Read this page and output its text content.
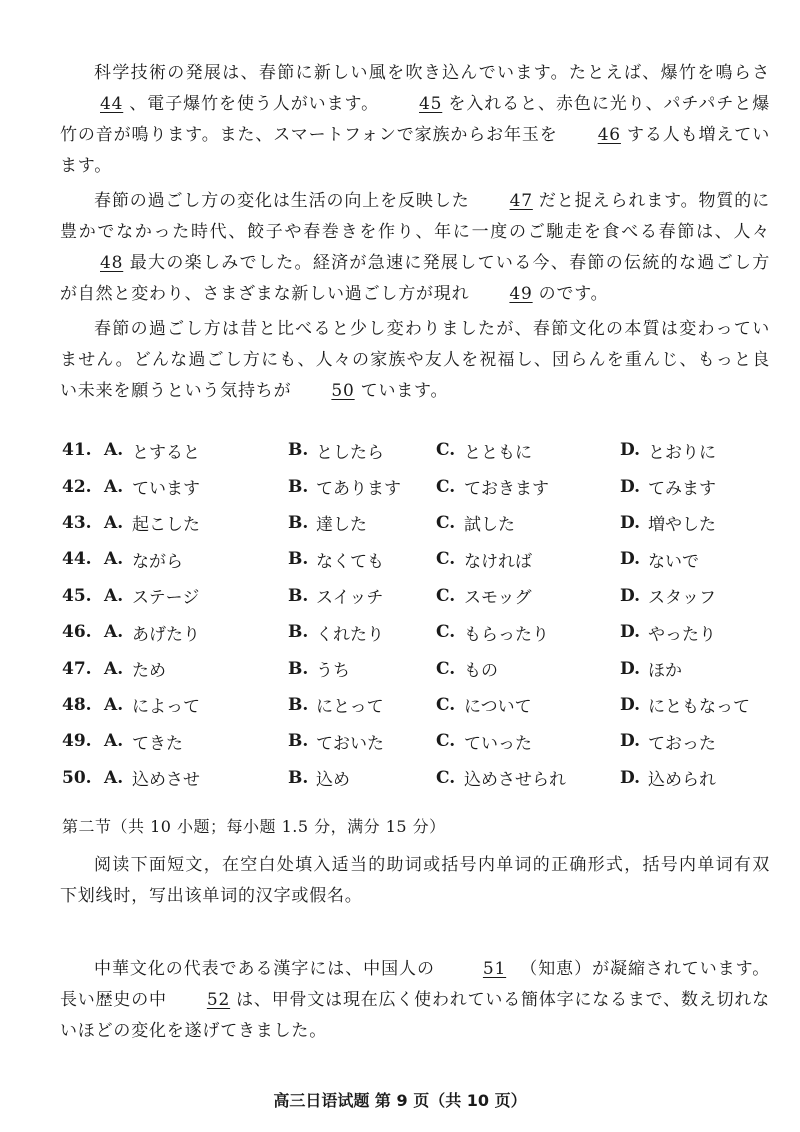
科学技術の発展は、春節に新しい風を吹き込んでいます。たとえば、爆竹を鳴らさ44 、電子爆竹を使う人がいます。 45 を入れると、赤色に光り、パチパチと爆竹の音が鳴ります。また、スマートフォンで家族からお年玉を 46 する人も増えています。
春節の過ごし方の変化は生活の向上を反映した 47 だと捉えられます。物質的に豊かでなかった時代、餃子や春巻きを作り、年に一度のご馳走を食べる春節は、人々48 最大の楽しみでした。経済が急速に発展している今、春節の伝統的な過ごし方が自然と変わり、さまざまな新しい過ごし方が現れ 49 のです。
春節の過ごし方は昔と比べると少し変わりましたが、春節文化の本質は変わっていません。どんな過ごし方にも、人々の家族や友人を祝福し、団らんを重んじ、もっと良い未来を願うという気持ちが 50 ています。
41. A. とすると	B. としたら	C. とともに	D. とおりに
42. A. ています	B. てあります C. ておきます	D. てみます
43. A. 起こした	B. 達した	C. 試した	D. 増やした
44. A. ながら	B. なくても	C. なければ	D. ないで
45. A. ステージ	B. スイッチ	C. スモッグ	D. スタッフ
46. A. あげたり	B. くれたり	C. もらったり	D. やったり
47. A. ため	B. うち	C. もの	D. ほか
48. A. によって	B. にとって	C. について	D. にともなって
49. A. てきた	B. ておいた	C. ていった	D. ておった
50. A. 込めさせ	B. 込め	C. 込めさせられ	D. 込められ
第二节（共 10 小题；每小题 1.5 分，满分 15 分）
阅读下面短文，在空白处填入适当的助词或括号内单词的正确形式，括号内单词有双下划线时，写出该单词的汉字或假名。
中華文化の代表である漢字には、中国人の	51 （知恵）が凝縮されています。長い歴史の中 52 は、甲骨文は現在広く使われている簡体字になるまで、数え切れないほどの変化を遂げてきました。
高三日语试题 第 9 页（共 10 页）
